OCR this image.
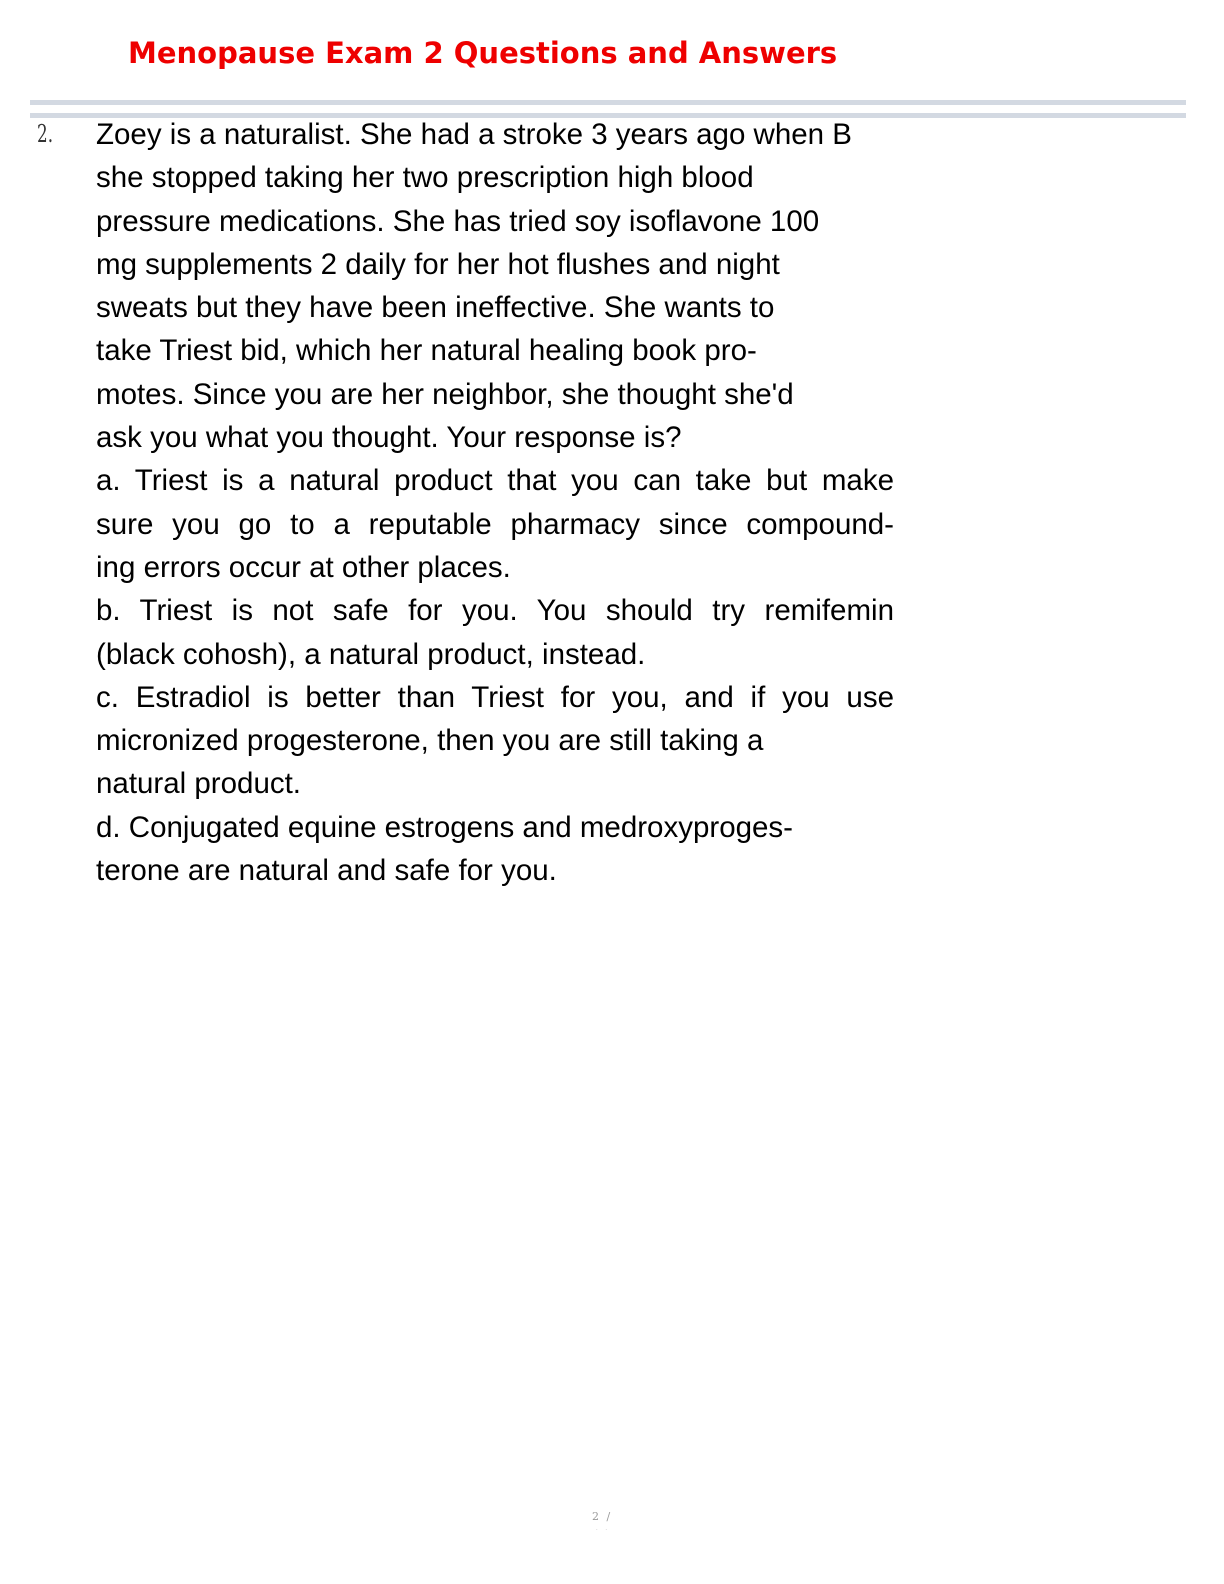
Menopause Exam 2 Questions and Answers
2. Zoey is a naturalist. She had a stroke 3 years ago when B
she stopped taking her two prescription high blood
pressure medications. She has tried soy isoflavone 100
mg supplements 2 daily for her hot flushes and night
sweats but they have been ineffective. She wants to
take Triest bid, which her natural healing book pro-
motes. Since you are her neighbor, she thought she'd
ask you what you thought. Your response is?
a. Triest is a natural product that you can take but make
sure you go to a reputable pharmacy since compound-
ing errors occur at other places.
b. Triest is not safe for you. You should try remifemin
(black cohosh), a natural product, instead.
c. Estradiol is better than Triest for you, and if you use
micronized progesterone, then you are still taking a
natural product.
d. Conjugated equine estrogens and medroxyproges-
terone are natural and safe for you.
2 /
. .
